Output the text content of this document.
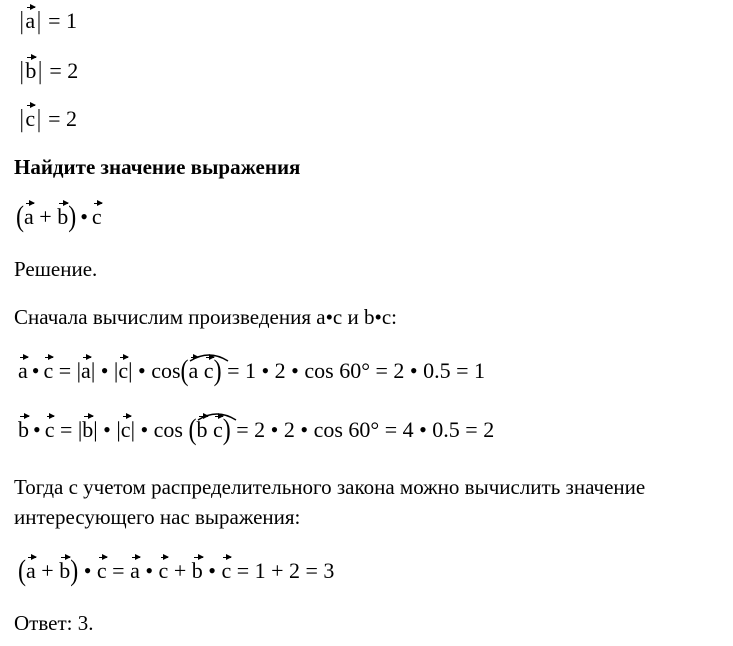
|a| = 1
|b| = 2
|c| = 2
Найдите значение выражения
(a + b) • c
Решение.
Сначала вычислим произведения a•c и b•c:
a • c = |a| • |c| • cos(
a c) = 1 • 2 • cos 60° = 2 • 0.5 = 1
b • c = |b| • |c| • cos (
b c) = 2 • 2 • cos 60° = 4 • 0.5 = 2
Тогда с учетом распределительного закона можно вычислить значение
интересующего нас выражения:
(a + b) • c = a • c + b • c = 1 + 2 = 3
Ответ: 3.
